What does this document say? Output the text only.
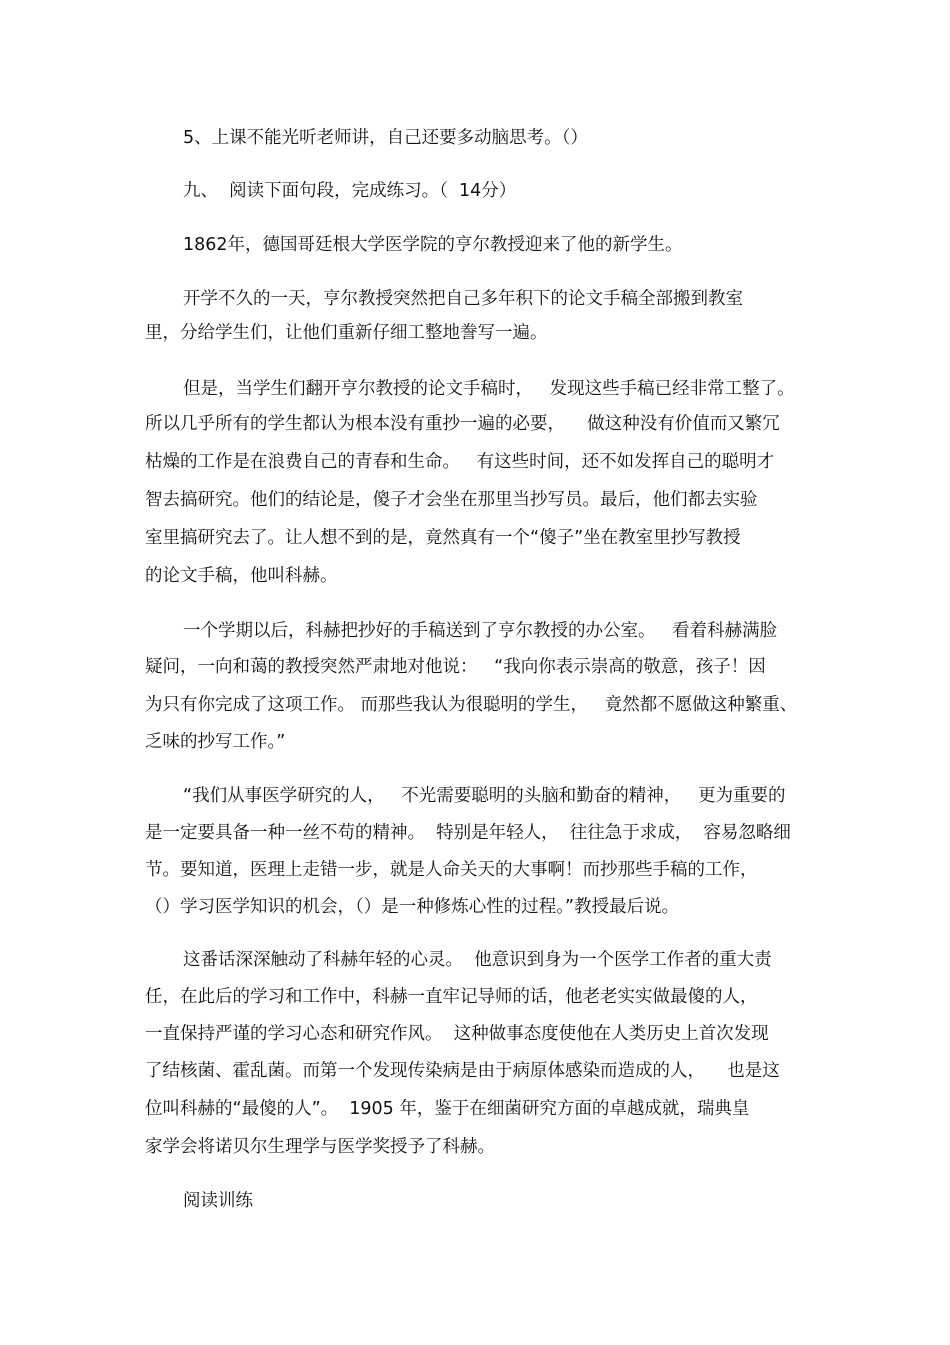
5、上课不能光听老师讲，自己还要多动脑思考。（）
九、  阅读下面句段，完成练习。（  14分）
1862年，德国哥廷根大学医学院的亨尔教授迎来了他的新学生。
开学不久的一天，亨尔教授突然把自己多年积下的论文手稿全部搬到教室
里，分给学生们，让他们重新仔细工整地誊写一遍。
但是，当学生们翻开亨尔教授的论文手稿时，   发现这些手稿已经非常工整了。
所以几乎所有的学生都认为根本没有重抄一遍的必要，    做这种没有价值而又繁冗
枯燥的工作是在浪费自己的青春和生命。   有这些时间，还不如发挥自己的聪明才
智去搞研究。他们的结论是，傻子才会坐在那里当抄写员。最后，他们都去实验
室里搞研究去了。让人想不到的是，竟然真有一个“傻子”坐在教室里抄写教授
的论文手稿，他叫科赫。
一个学期以后，科赫把抄好的手稿送到了亨尔教授的办公室。   看着科赫满脸
疑问，一向和蔼的教授突然严肃地对他说：   “我向你表示崇高的敬意，孩子！因
为只有你完成了这项工作。 而那些我认为很聪明的学生，   竟然都不愿做这种繁重、
乏味的抄写工作。”
“我们从事医学研究的人，   不光需要聪明的头脑和勤奋的精神，   更为重要的
是一定要具备一种一丝不苟的精神。  特别是年轻人，  往往急于求成，  容易忽略细
节。要知道，医理上走错一步，就是人命关天的大事啊！而抄那些手稿的工作，
（）学习医学知识的机会，（）是一种修炼心性的过程。”教授最后说。
这番话深深触动了科赫年轻的心灵。  他意识到身为一个医学工作者的重大责
任，在此后的学习和工作中，科赫一直牢记导师的话，他老老实实做最傻的人，
一直保持严谨的学习心态和研究作风。  这种做事态度使他在人类历史上首次发现
了结核菌、霍乱菌。而第一个发现传染病是由于病原体感染而造成的人，    也是这
位叫科赫的“最傻的人”。  1905 年，鉴于在细菌研究方面的卓越成就，瑞典皇
家学会将诺贝尔生理学与医学奖授予了科赫。
阅读训练
